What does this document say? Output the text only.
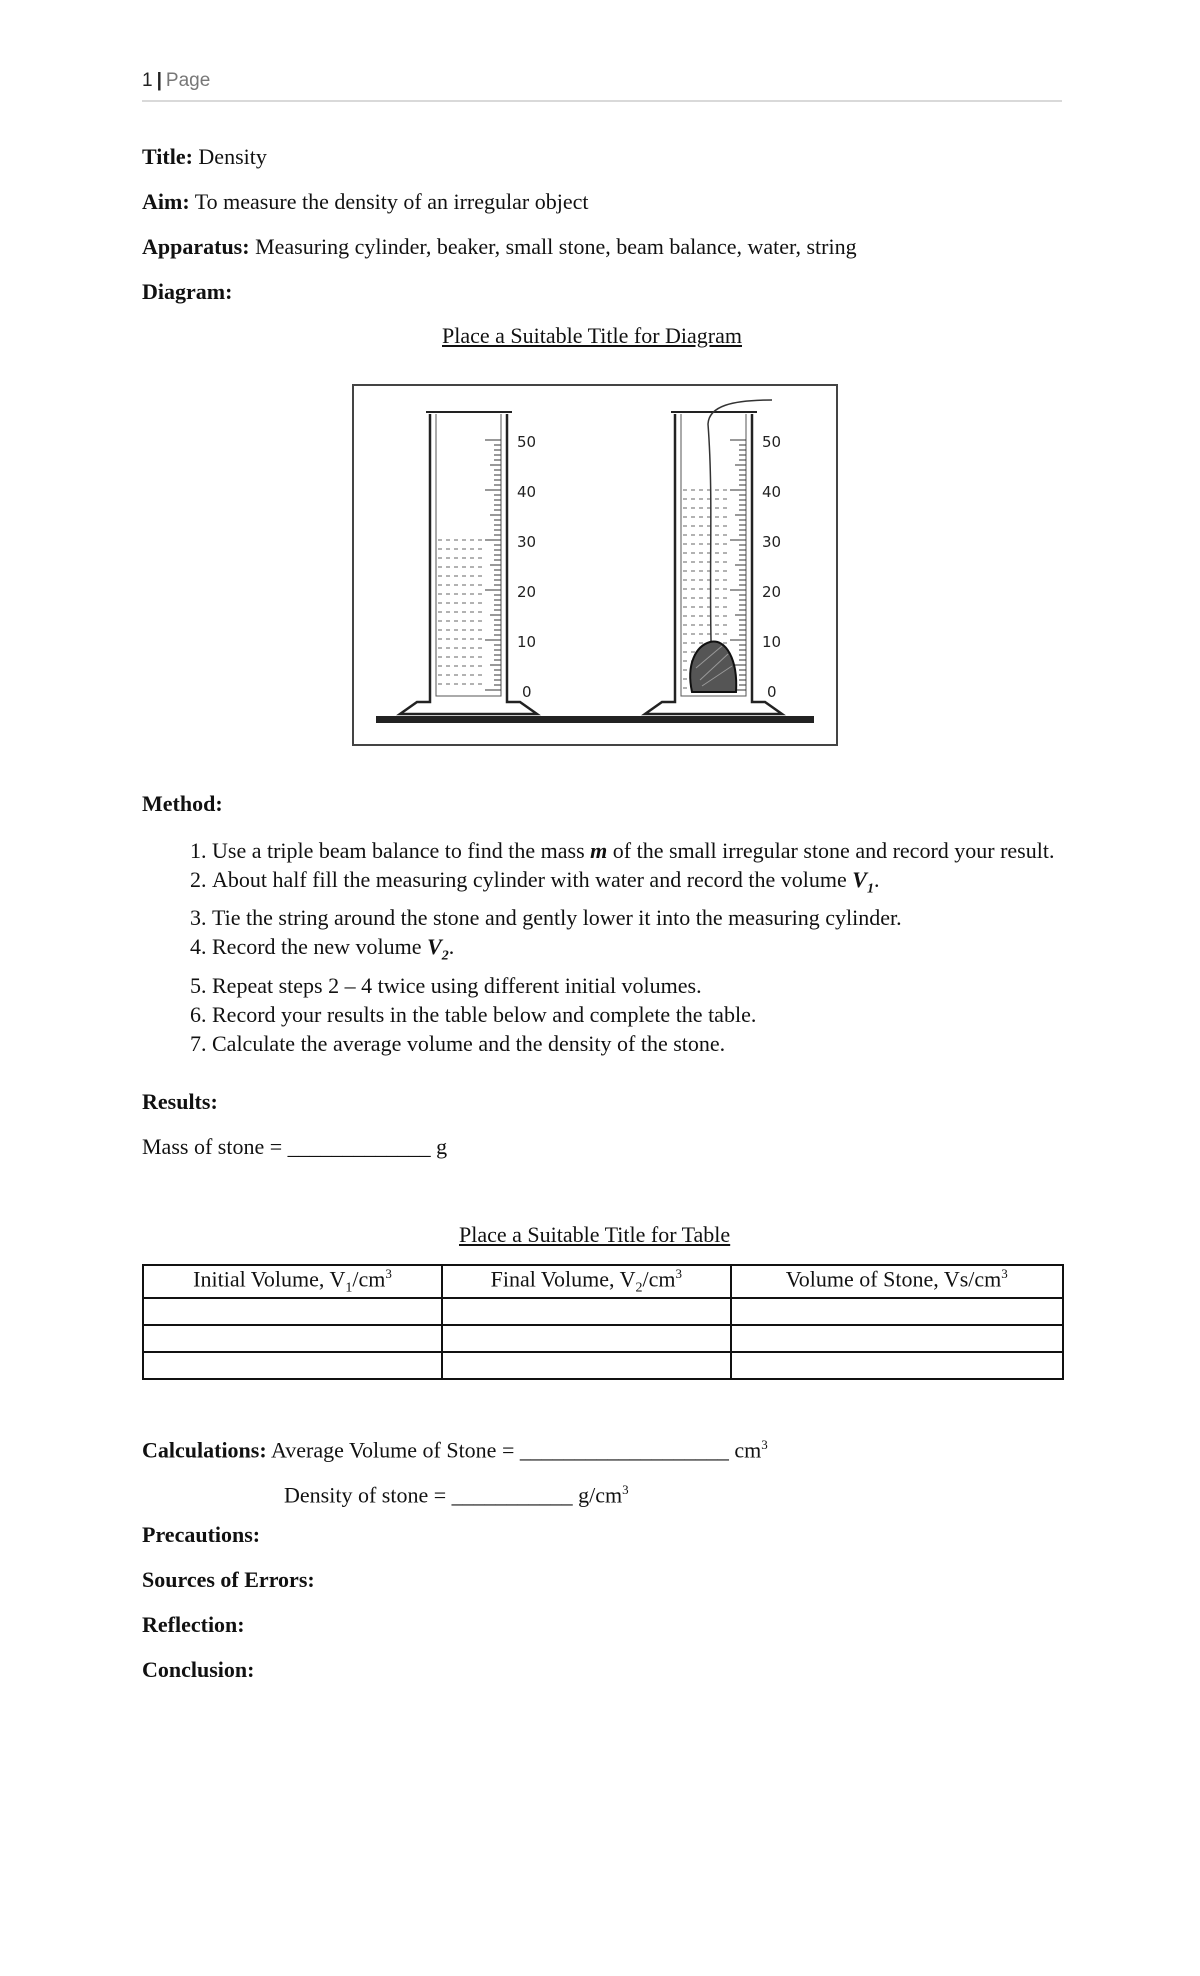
1 | Page
Title: Density
Aim: To measure the density of an irregular object
Apparatus: Measuring cylinder, beaker, small stone, beam balance, water, string
Diagram:
Place a Suitable Title for Diagram
50
40
30
20
10
0
50
40
30
20
10
0
Method:
1. Use a triple beam balance to find the mass m of the small irregular stone and record your result.
2. About half fill the measuring cylinder with water and record the volume $V_1$.
3. Tie the string around the stone and gently lower it into the measuring cylinder.
4. Record the new volume $V_2$.
5. Repeat steps 2 – 4 twice using different initial volumes.
6. Record your results in the table below and complete the table.
7. Calculate the average volume and the density of the stone.
Results:
Mass of stone = _____________ g
Place a Suitable Title for Table
Initial Volume, $V_1/cm^3$	Final Volume, $V_2/cm^3$	Volume of Stone, $Vs/cm^3$

Calculations: Average Volume of Stone = ___________________ $cm^3$
Density of stone = ___________ $g/cm^3$
Precautions:
Sources of Errors:
Reflection:
Conclusion:
